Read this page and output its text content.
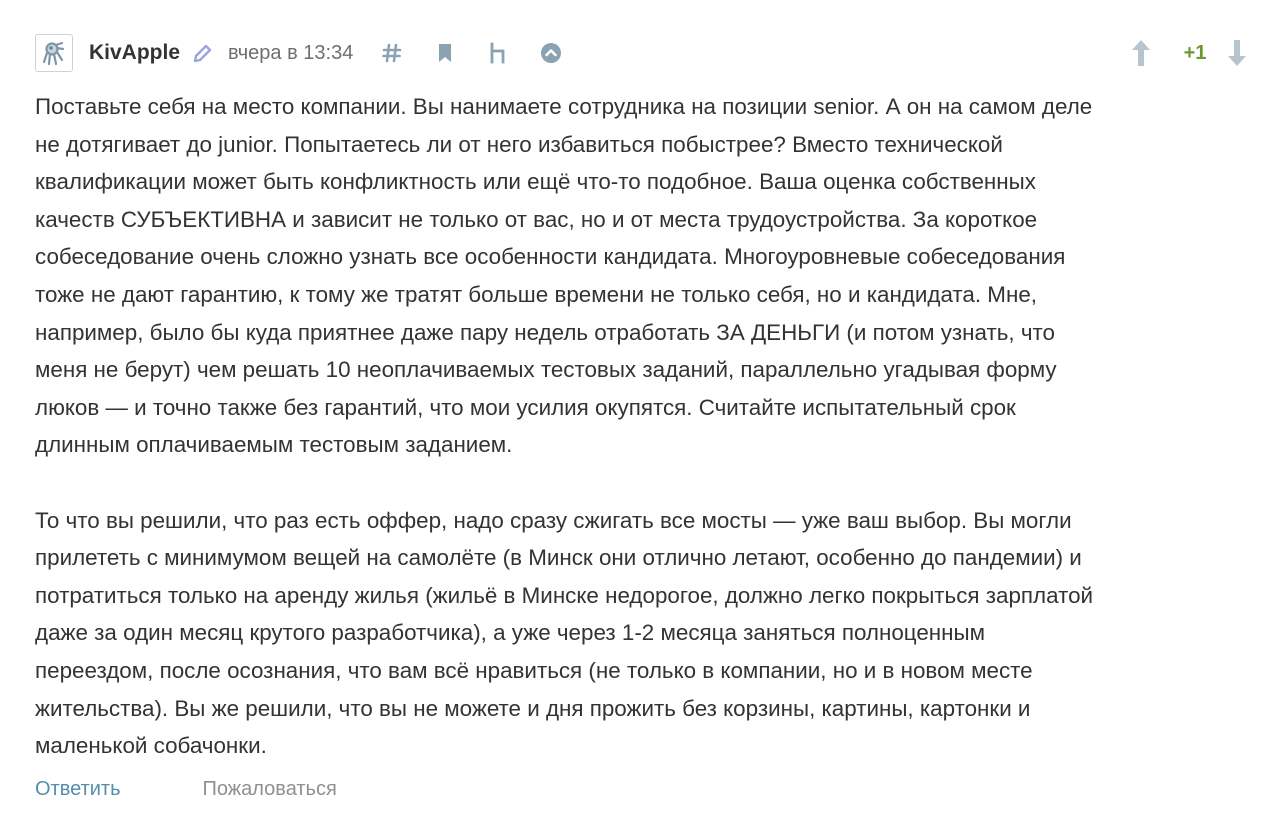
KivApple вчера в 13:34	+1
Поставьте себя на место компании. Вы нанимаете сотрудника на позиции senior. А он на самом деле
не дотягивает до junior. Попытаетесь ли от него избавиться побыстрее? Вместо технической
квалификации может быть конфликтность или ещё что-то подобное. Ваша оценка собственных
качеств СУБЪЕКТИВНА и зависит не только от вас, но и от места трудоустройства. За короткое
собеседование очень сложно узнать все особенности кандидата. Многоуровневые собеседования
тоже не дают гарантию, к тому же тратят больше времени не только себя, но и кандидата. Мне,
например, было бы куда приятнее даже пару недель отработать ЗА ДЕНЬГИ (и потом узнать, что
меня не берут) чем решать 10 неоплачиваемых тестовых заданий, параллельно угадывая форму
люков — и точно также без гарантий, что мои усилия окупятся. Считайте испытательный срок
длинным оплачиваемым тестовым заданием.
То что вы решили, что раз есть оффер, надо сразу сжигать все мосты — уже ваш выбор. Вы могли
прилететь с минимумом вещей на самолёте (в Минск они отлично летают, особенно до пандемии) и
потратиться только на аренду жилья (жильё в Минске недорогое, должно легко покрыться зарплатой
даже за один месяц крутого разработчика), а уже через 1-2 месяца заняться полноценным
переездом, после осознания, что вам всё нравиться (не только в компании, но и в новом месте
жительства). Вы же решили, что вы не можете и дня прожить без корзины, картины, картонки и
маленькой собачонки.
Ответить	Пожаловаться
